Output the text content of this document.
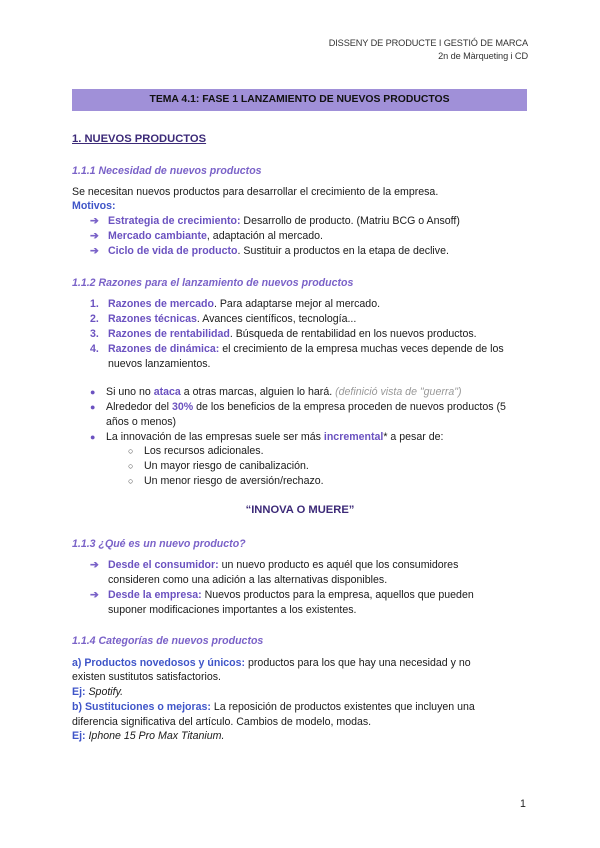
DISSENY DE PRODUCTE I GESTIÓ DE MARCA
2n de Màrqueting i CD
TEMA 4.1: FASE 1 LANZAMIENTO DE NUEVOS PRODUCTOS
1. NUEVOS PRODUCTOS
1.1.1 Necesidad de nuevos productos
Se necesitan nuevos productos para desarrollar el crecimiento de la empresa.
Motivos:
➔ Estrategia de crecimiento: Desarrollo de producto. (Matriu BCG o Ansoff)
➔ Mercado cambiante, adaptación al mercado.
➔ Ciclo de vida de producto. Sustituir a productos en la etapa de declive.
1.1.2 Razones para el lanzamiento de nuevos productos
1. Razones de mercado. Para adaptarse mejor al mercado.
2. Razones técnicas. Avances científicos, tecnología...
3. Razones de rentabilidad. Búsqueda de rentabilidad en los nuevos productos.
4. Razones de dinámica: el crecimiento de la empresa muchas veces depende de los
nuevos lanzamientos.
● Si uno no ataca a otras marcas, alguien lo hará. (definició vista de "guerra")
● Alrededor del 30% de los beneficios de la empresa proceden de nuevos productos (5
años o menos)
● La innovación de las empresas suele ser más incremental* a pesar de:
○ Los recursos adicionales.
○ Un mayor riesgo de canibalización.
○ Un menor riesgo de aversión/rechazo.
“INNOVA O MUERE”
1.1.3 ¿Qué es un nuevo producto?
➔ Desde el consumidor: un nuevo producto es aquél que los consumidores
consideren como una adición a las alternativas disponibles.
➔ Desde la empresa: Nuevos productos para la empresa, aquellos que pueden
suponer modificaciones importantes a los existentes.
1.1.4 Categorías de nuevos productos
a) Productos novedosos y únicos: productos para los que hay una necesidad y no
existen sustitutos satisfactorios.
Ej: Spotify.
b) Sustituciones o mejoras: La reposición de productos existentes que incluyen una
diferencia significativa del artículo. Cambios de modelo, modas.
Ej: Iphone 15 Pro Max Titanium.
1
